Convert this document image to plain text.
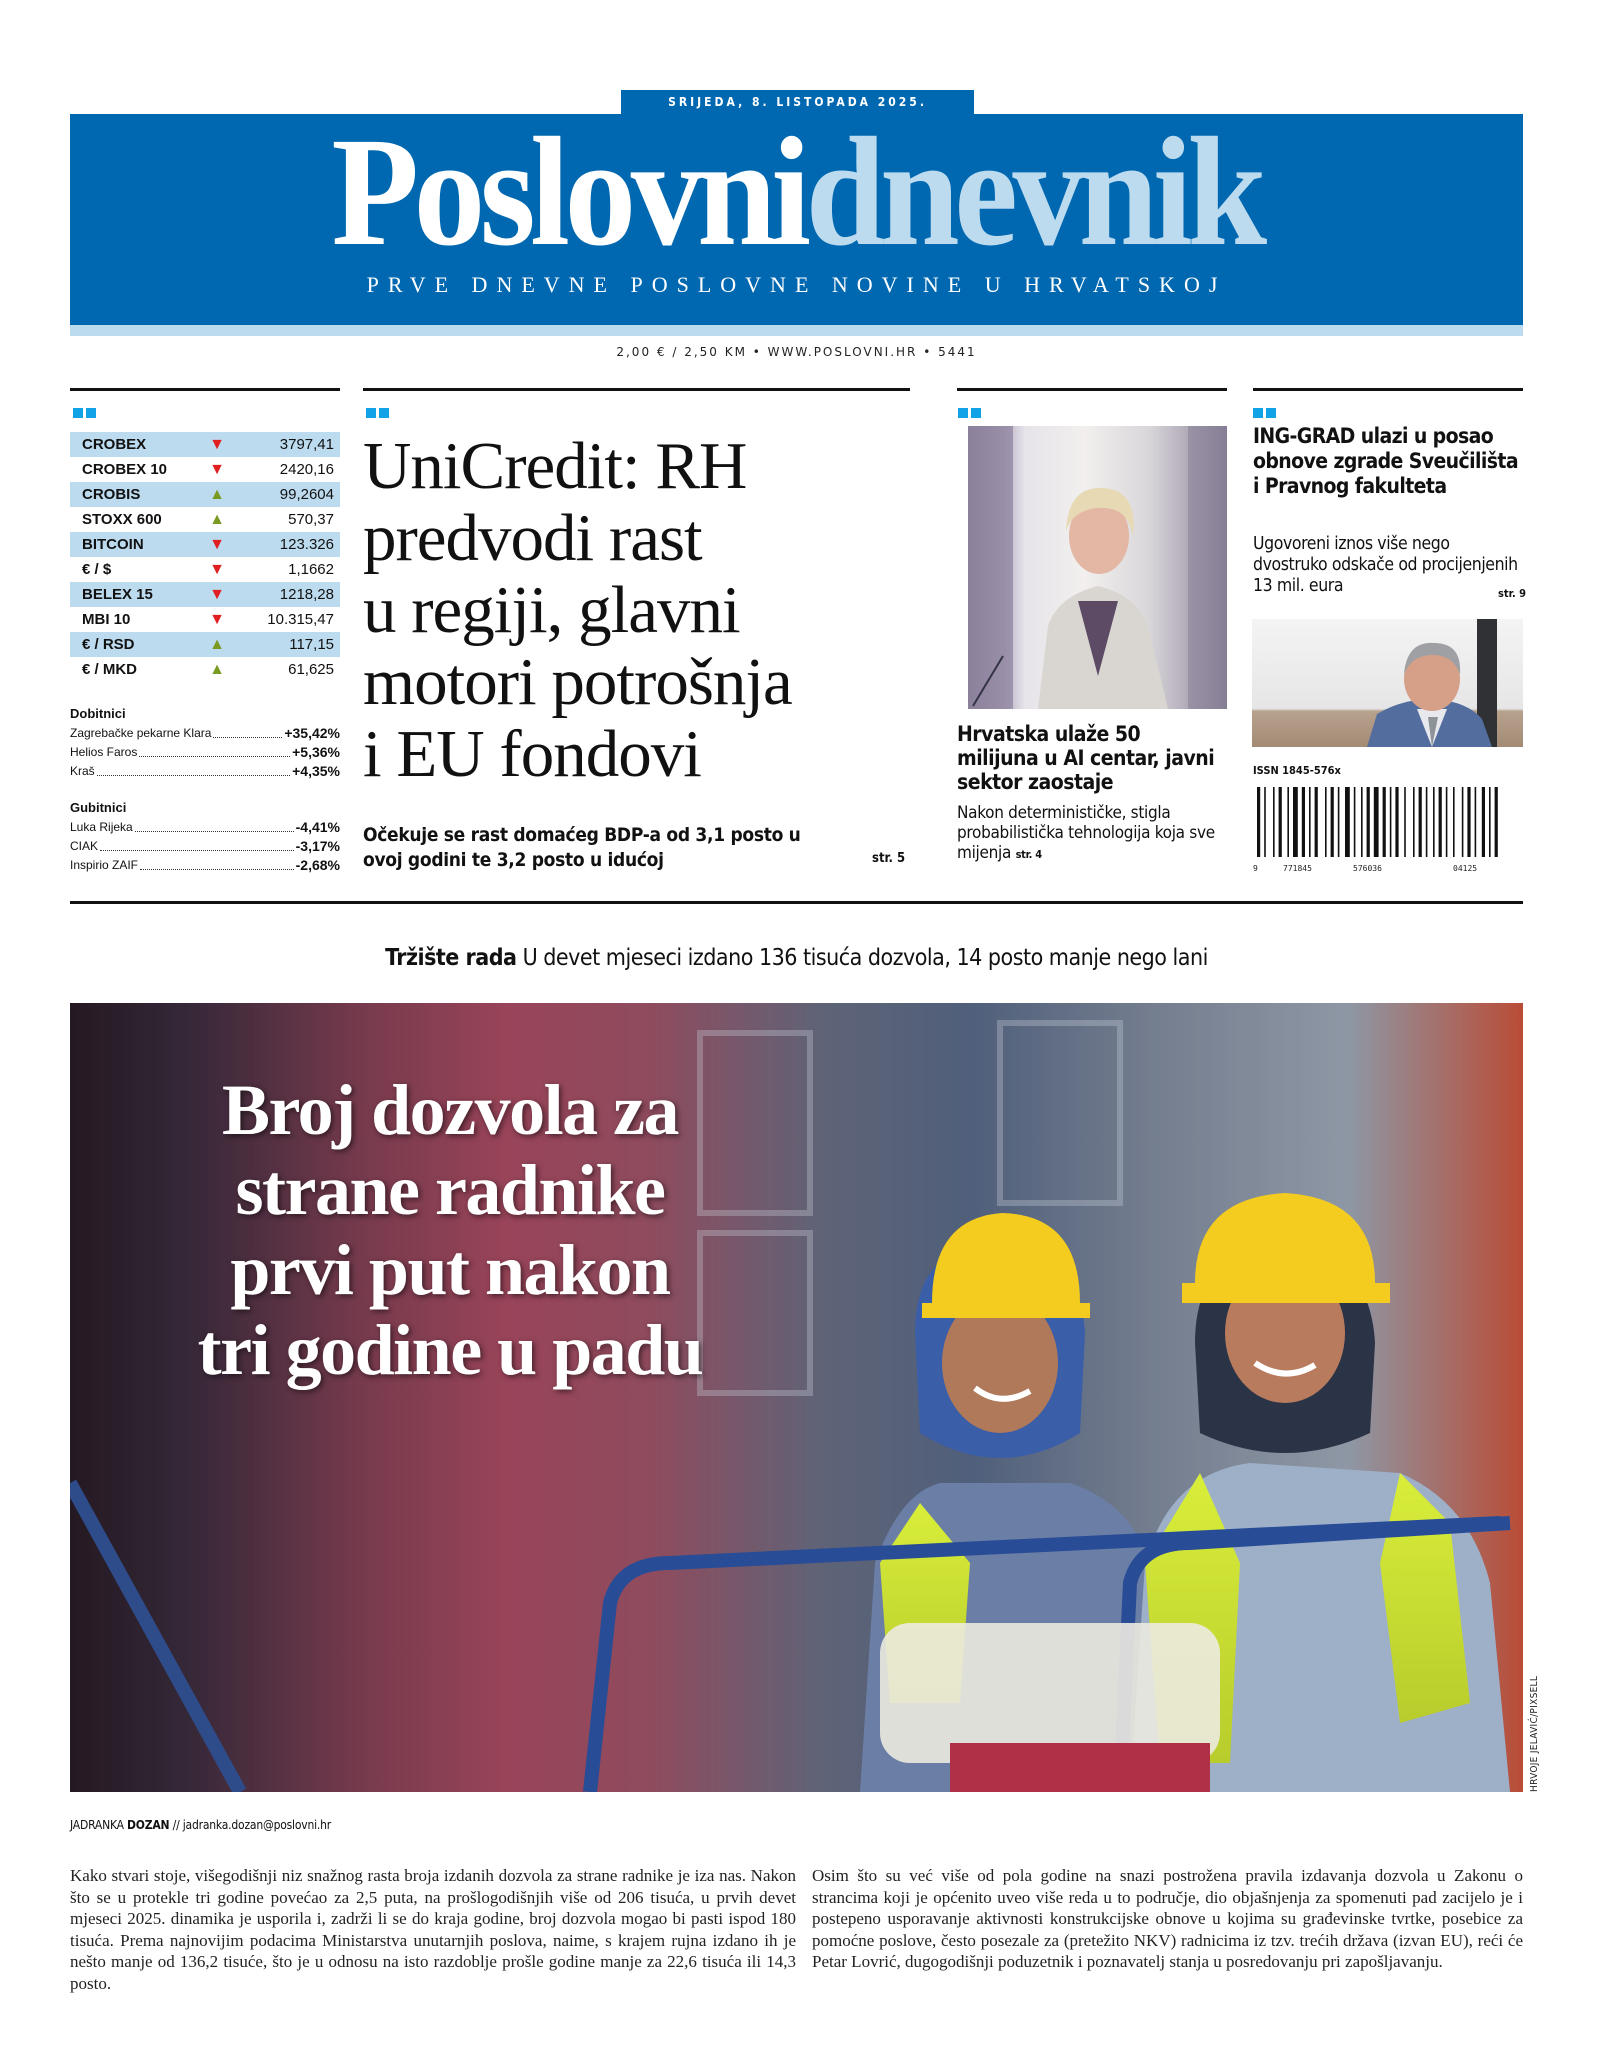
SRIJEDA, 8. LISTOPADA 2025.
Poslovnidnevnik
PRVE DNEVNE POSLOVNE NOVINE U HRVATSKOJ
2,00 € / 2,50 KM • WWW.POSLOVNI.HR • 5441
CROBEX	▼	3797,41
CROBEX 10	▼	2420,16
CROBIS	▲	99,2604
STOXX 600	▲	570,37
BITCOIN	▼	123.326
€ / $	▼	1,1662
BELEX 15	▼	1218,28
MBI 10	▼	10.315,47
€ / RSD	▲	117,15
€ / MKD	▲	61,625
Dobitnici
Zagrebačke pekarne Klara	+35,42%
Helios Faros	+5,36%
Kraš	+4,35%
Gubitnici
Luka Rijeka	-4,41%
CIAK	-3,17%
Inspirio ZAIF	-2,68%
UniCredit: RH
predvodi rast
u regiji, glavni
motori potrošnja
i EU fondovi
Očekuje se rast domaćeg BDP-a od 3,1 posto u ovoj godini te 3,2 posto u idućoj	str. 5
Hrvatska ulaže 50 milijuna u AI centar, javni sektor zaostaje
Nakon determinističke, stigla probabilistička tehnologija koja sve mijenja str. 4
ING-GRAD ulazi u posao obnove zgrade Sveučilišta i Pravnog fakulteta
Ugovoreni iznos više nego dvostruko odskače od procijenjenih 13 mil. eura	str. 9
ISSN 1845-576x
9	771845	576036	04125
Tržište rada U devet mjeseci izdano 136 tisuća dozvola, 14 posto manje nego lani
Broj dozvola za
strane radnike
prvi put nakon
tri godine u padu
HRVOJE JELAVIĆ/PIXSELL
JADRANKA DOZAN // jadranka.dozan@poslovni.hr
Kako stvari stoje, višegodišnji niz snažnog rasta broja izdanih dozvola za strane radnike je iza nas. Nakon što se u protekle tri godine povećao za 2,5 puta, na prošlogodišnjih više od 206 tisuća, u prvih devet mjeseci 2025. dinamika je usporila i, zadrži li se do kraja godine, broj dozvola mogao bi pasti ispod 180 tisuća. Prema najnovijim podacima Ministarstva unutarnjih poslova, naime, s krajem rujna izdano ih je nešto manje od 136,2 tisuće, što je u odnosu na isto razdoblje prošle godine manje za 22,6 tisuća ili 14,3 posto.
Osim što su već više od pola godine na snazi postrožena pravila izdavanja dozvola u Zakonu o strancima koji je općenito uveo više reda u to područje, dio objašnjenja za spomenuti pad zacijelo je i postepeno usporavanje aktivnosti konstrukcijske obnove u kojima su građevinske tvrtke, posebice za pomoćne poslove, često posezale za (pretežito NKV) radnicima iz tzv. trećih država (izvan EU), reći će Petar Lovrić, dugogodišnji poduzetnik i poznavatelj stanja u posredovanju pri zapošljavanju.
